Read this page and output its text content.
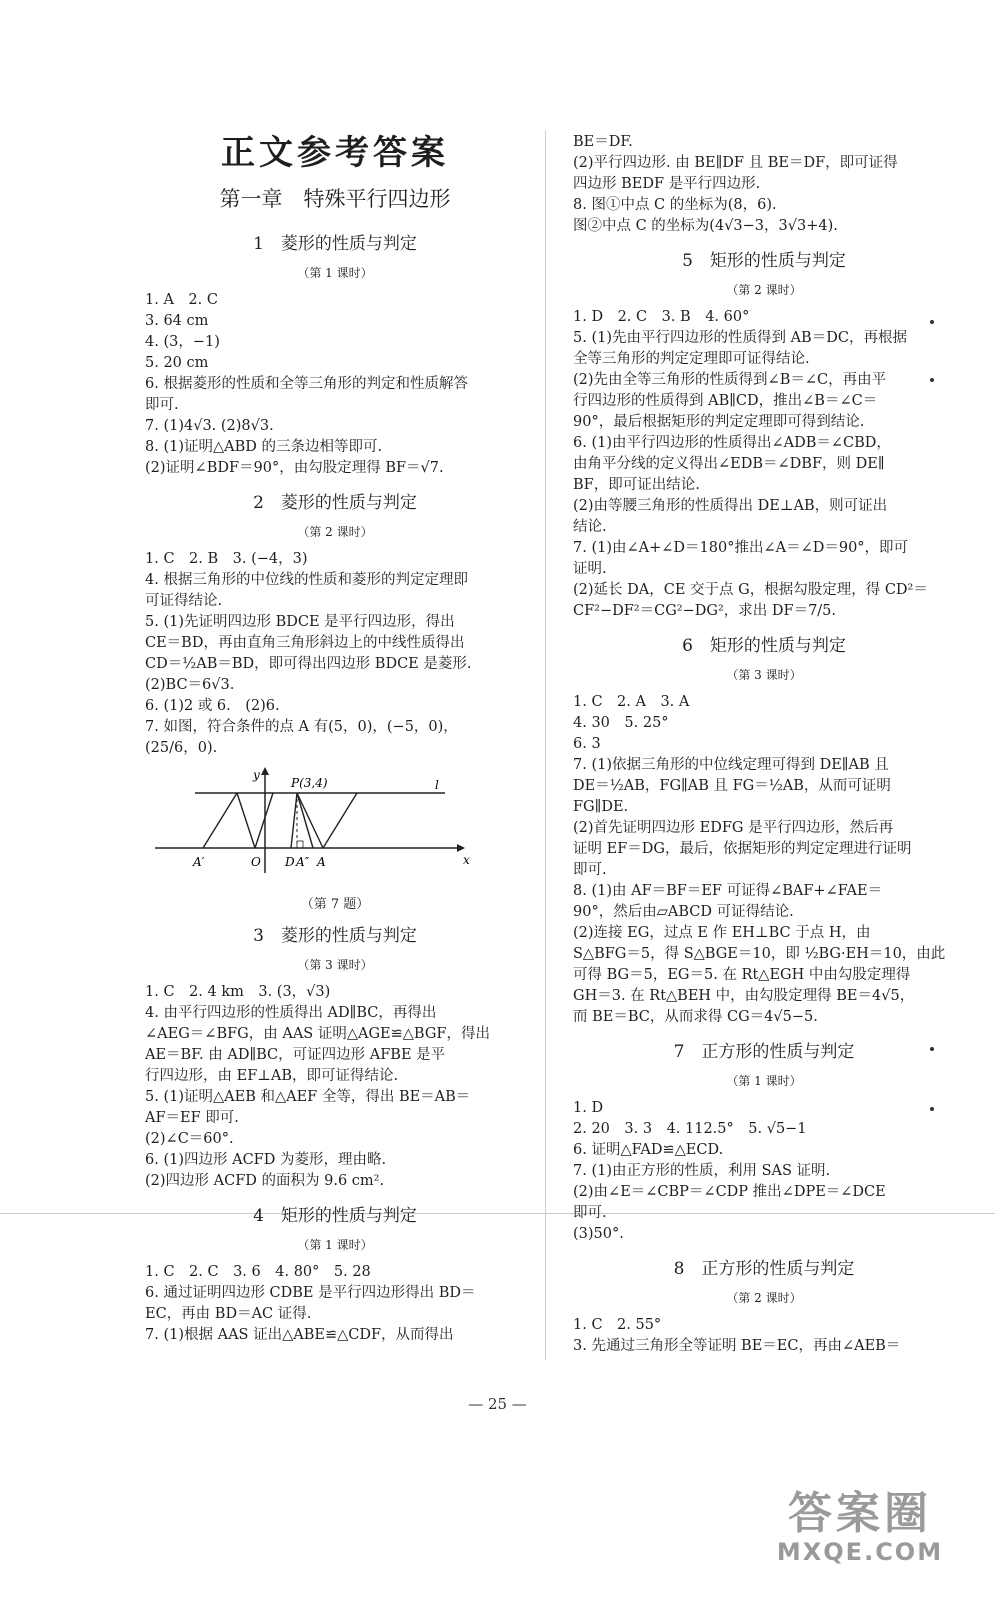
正文参考答案
第一章　特殊平行四边形
1　菱形的性质与判定
（第 1 课时）
1. A　2. C
3. 64 cm
4. (3，−1)
5. 20 cm
6. 根据菱形的性质和全等三角形的判定和性质解答
即可.
7. (1)4√3. (2)8√3.
8. (1)证明△ABD 的三条边相等即可.
(2)证明∠BDF＝90°，由勾股定理得 BF＝√7.
2　菱形的性质与判定
（第 2 课时）
1. C　2. B　3. (−4，3)
4. 根据三角形的中位线的性质和菱形的判定定理即
可证得结论.
5. (1)先证明四边形 BDCE 是平行四边形，得出
CE＝BD，再由直角三角形斜边上的中线性质得出
CD＝½AB＝BD，即可得出四边形 BDCE 是菱形.
(2)BC＝6√3.
6. (1)2 或 6.　(2)6.
7. 如图，符合条件的点 A 有(5，0)，(−5，0)，
(25/6，0).
P(3,4)
x
y
l
O
A′	D A″ A
（第 7 题）
3　菱形的性质与判定
（第 3 课时）
1. C　2. 4 km　3. (3，√3)
4. 由平行四边形的性质得出 AD∥BC，再得出
∠AEG＝∠BFG，由 AAS 证明△AGE≌△BGF，得出
AE＝BF. 由 AD∥BC，可证四边形 AFBE 是平
行四边形，由 EF⊥AB，即可证得结论.
5. (1)证明△AEB 和△AEF 全等，得出 BE＝AB＝
AF＝EF 即可.
(2)∠C＝60°.
6. (1)四边形 ACFD 为菱形，理由略.
(2)四边形 ACFD 的面积为 9.6 cm².
4　矩形的性质与判定
（第 1 课时）
1. C　2. C　3. 6　4. 80°　5. 28
6. 通过证明四边形 CDBE 是平行四边形得出 BD＝
EC，再由 BD＝AC 证得.
7. (1)根据 AAS 证出△ABE≌△CDF，从而得出
BE＝DF.
(2)平行四边形. 由 BE∥DF 且 BE＝DF，即可证得
四边形 BEDF 是平行四边形.
8. 图①中点 C 的坐标为(8，6).
图②中点 C 的坐标为(4√3−3，3√3+4).
5　矩形的性质与判定
（第 2 课时）
1. D　2. C　3. B　4. 60°
5. (1)先由平行四边形的性质得到 AB＝DC，再根据
全等三角形的判定定理即可证得结论.
(2)先由全等三角形的性质得到∠B＝∠C，再由平
行四边形的性质得到 AB∥CD，推出∠B＝∠C＝
90°，最后根据矩形的判定定理即可得到结论.
6. (1)由平行四边形的性质得出∠ADB＝∠CBD，
由角平分线的定义得出∠EDB＝∠DBF，则 DE∥
BF，即可证出结论.
(2)由等腰三角形的性质得出 DE⊥AB，则可证出
结论.
7. (1)由∠A+∠D＝180°推出∠A＝∠D＝90°，即可
证明.
(2)延长 DA，CE 交于点 G，根据勾股定理，得 CD²＝
CF²−DF²＝CG²−DG²，求出 DF＝7/5.
6　矩形的性质与判定
（第 3 课时）
1. C　2. A　3. A
4. 30　5. 25°
6. 3
7. (1)依据三角形的中位线定理可得到 DE∥AB 且
DE＝½AB，FG∥AB 且 FG＝½AB，从而可证明
FG∥DE.
(2)首先证明四边形 EDFG 是平行四边形，然后再
证明 EF＝DG，最后，依据矩形的判定定理进行证明
即可.
8. (1)由 AF＝BF＝EF 可证得∠BAF+∠FAE＝
90°，然后由▱ABCD 可证得结论.
(2)连接 EG，过点 E 作 EH⊥BC 于点 H，由
S△BFG＝5，得 S△BGE＝10，即 ½BG·EH＝10，由此
可得 BG＝5，EG＝5. 在 Rt△EGH 中由勾股定理得
GH＝3. 在 Rt△BEH 中，由勾股定理得 BE＝4√5，
而 BE＝BC，从而求得 CG＝4√5−5.
7　正方形的性质与判定
（第 1 课时）
1. D
2. 20　3. 3　4. 112.5°　5. √5−1
6. 证明△FAD≌△ECD.
7. (1)由正方形的性质，利用 SAS 证明.
(2)由∠E＝∠CBP＝∠CDP 推出∠DPE＝∠DCE
即可.
(3)50°.
8　正方形的性质与判定
（第 2 课时）
1. C　2. 55°
3. 先通过三角形全等证明 BE＝EC，再由∠AEB＝
— 25 —
答案圈
MXQE.COM
